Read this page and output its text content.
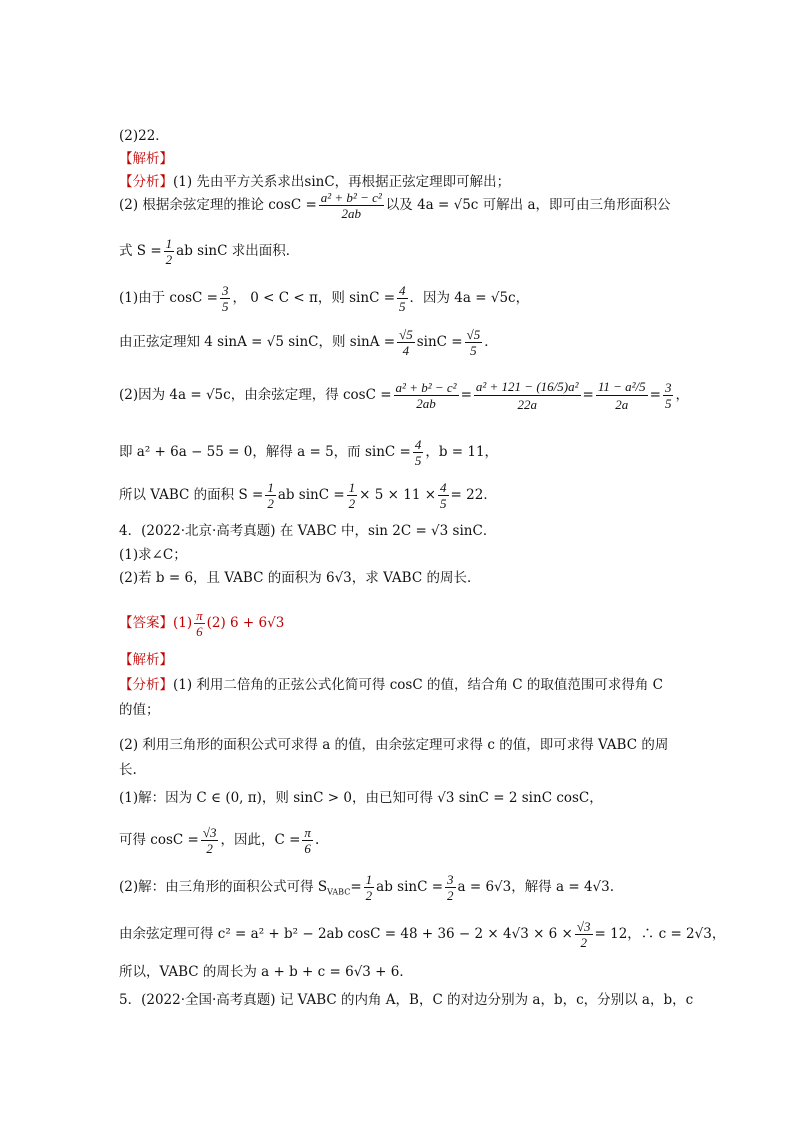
(2)22．
【解析】
【分析】(1) 先由平方关系求出sinC，再根据正弦定理即可解出；
(2) 根据余弦定理的推论 $\cos C = \frac{\text{a² + b² − c²}}{2ab}$ 以及 4a = √5c 可解出 a，即可由三角形面积公
式 $S = \frac{1}{2}$ ab sinC 求出面积．
(1)由于 $\cos C = \frac{3}{5}$ ， 0 < C < π，则 $\sin C = \frac{4}{5}$ ．因为 4a = √5c，
由正弦定理知 4 sinA = √5 sinC，则 $\sin A = \frac{√5}{4}$ $\sin C = \frac{√5}{5}$ ．
(2)因为 4a = √5c，由余弦定理，得 $\cos C = \frac{\text{a² + b² − c²}}{2ab} = \frac{\text{a² + 121 − (16/5)a²}}{22a} = \frac{\text{11 − a²/5}}{2a} = \frac{3}{5}$ ，
即 a² + 6a − 55 = 0，解得 a = 5，而 $\sin C = \frac{4}{5}$ ，b = 11，
所以 VABC 的面积 $S = \frac{1}{2}$ ab $\sin C = \frac{1}{2} \times 5 \times 11 \times \frac{4}{5} = 22$．
4．(2022·北京·高考真题) 在 VABC 中，sin 2C = √3 sinC．
(1)求∠C；
(2)若 b = 6，且 VABC 的面积为 6√3，求 VABC 的周长．
【答案】$(1) \frac{\pi}{6} (2) 6 + 6√3$
【解析】
【分析】(1) 利用二倍角的正弦公式化简可得 cosC 的值，结合角 C 的取值范围可求得角 C
的值；
(2) 利用三角形的面积公式可求得 a 的值，由余弦定理可求得 c 的值，即可求得 VABC 的周
长.
(1)解：因为 C ∈ (0, π)，则 sinC > 0，由已知可得 √3 sinC = 2 sinC cosC，
可得 $\cos C = \frac{√3}{2}$ ，因此，$C = \frac{\pi}{6}$ .
(2)解：由三角形的面积公式可得 $S_{VABC}= \frac{1}{2}$ ab $\sin C = \frac{3}{2}$ a = 6√3，解得 a = 4√3.
由余弦定理可得 c² = a² + b² − 2ab $\cos C = 48 + 36 - 2 \times 4√3 \times 6 \times \frac{√3}{2} = 12$，∴ c = 2√3，
所以，VABC 的周长为 a + b + c = 6√3 + 6．
5．(2022·全国·高考真题) 记 VABC 的内角 A，B，C 的对边分别为 a，b，c，分别以 a，b，c
